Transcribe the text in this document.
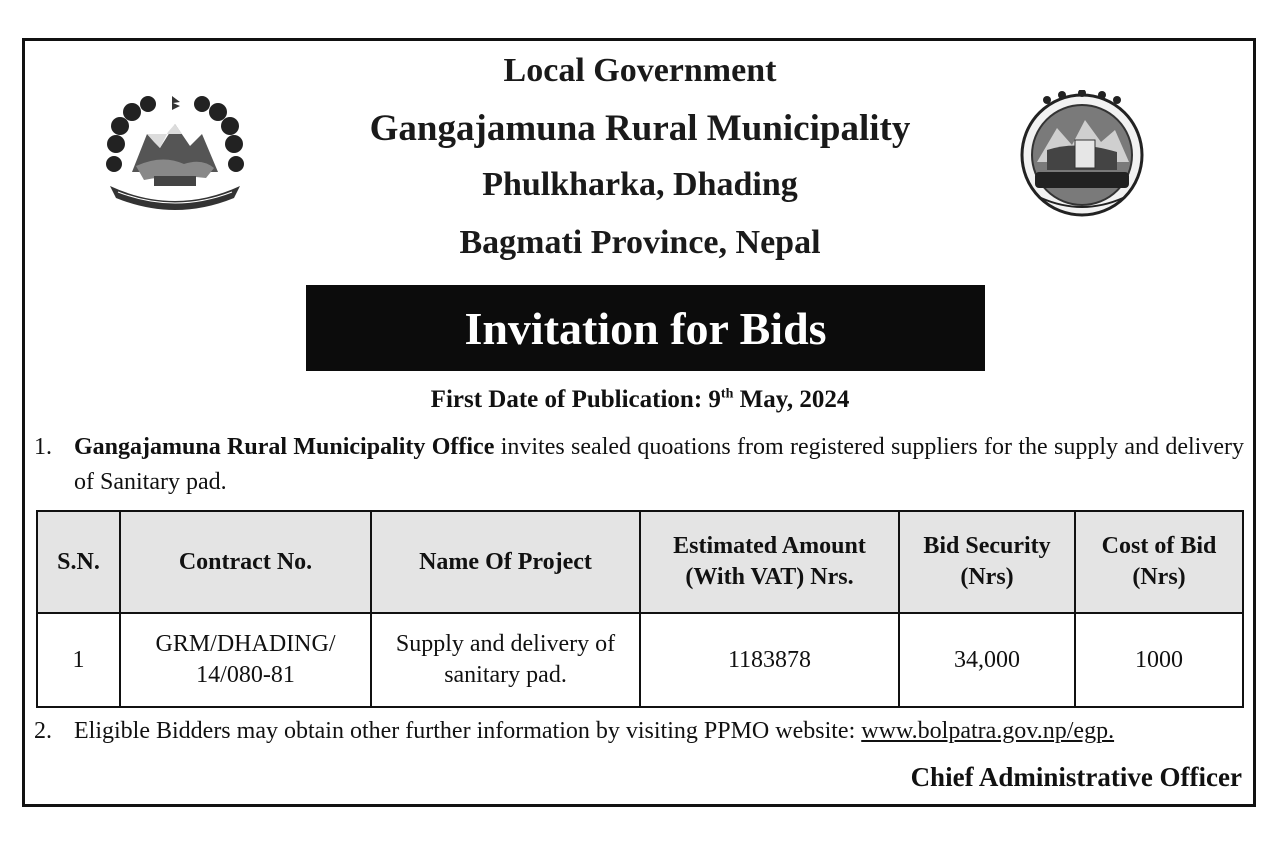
Local Government
Gangajamuna Rural Municipality
Phulkharka, Dhading
Bagmati Province, Nepal
Invitation for Bids
First Date of Publication: 9th May, 2024
1. Gangajamuna Rural Municipality Office invites sealed quoations from registered suppliers for the supply and delivery of Sanitary pad.
S.N.	Contract No.	Name Of Project	Estimated Amount (With VAT) Nrs.	Bid Security (Nrs)	Cost of Bid (Nrs)
1	GRM/DHADING/ 14/080-81	Supply and delivery of sanitary pad.	1183878	34,000	1000
2. Eligible Bidders may obtain other further information by visiting PPMO website: www.bolpatra.gov.np/egp.
Chief Administrative Officer
